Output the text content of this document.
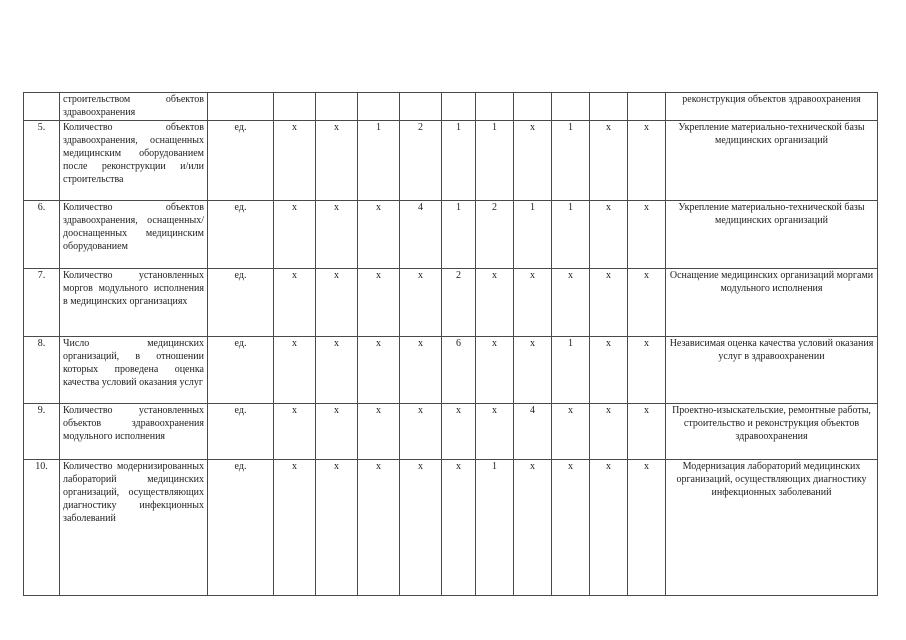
	строительством объектов здравоохранения												реконструкция объектов здравоохранения
5.	Количество объектов здравоохранения, оснащенных медицинским оборудованием после реконструкции и/или строительства	ед.	х	х	1	2	1	1	х	1	х	х	Укрепление материально-технической базы медицинских организаций
6.	Количество объектов здравоохранения, оснащенных/дооснащенных медицинским оборудованием	ед.	х	х	х	4	1	2	1	1	х	х	Укрепление материально-технической базы медицинских организаций
7.	Количество установленных моргов модульного исполнения в медицинских организациях	ед.	х	х	х	х	2	х	х	х	х	х	Оснащение медицинских организаций моргами модульного исполнения
8.	Число медицинских организаций, в отношении которых проведена оценка качества условий оказания услуг	ед.	х	х	х	х	6	х	х	1	х	х	Независимая оценка качества условий оказания услуг в здравоохранении
9.	Количество установленных объектов здравоохранения модульного исполнения	ед.	х	х	х	х	х	х	4	х	х	х	Проектно-изыскательские, ремонтные работы, строительство и реконструкция объектов здравоохранения
10.	Количество модернизированных лабораторий медицинских организаций, осуществляющих диагностику инфекционных заболеваний	ед.	х	х	х	х	х	1	х	х	х	х	Модернизация лабораторий медицинских организаций, осуществляющих диагностику инфекционных заболеваний
